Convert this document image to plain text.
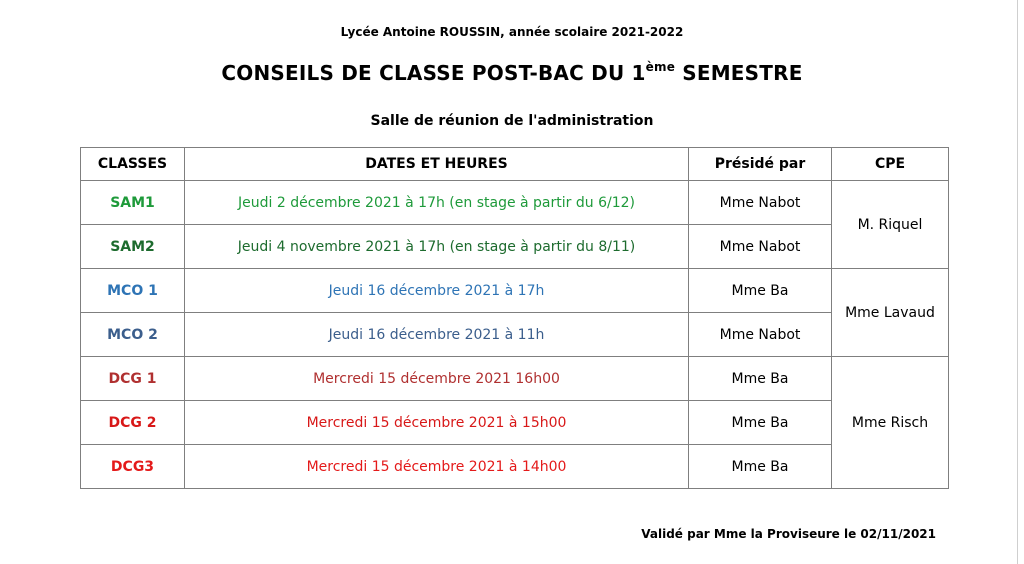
Lycée Antoine ROUSSIN, année scolaire 2021-2022
CONSEILS DE CLASSE POST-BAC DU 1ème SEMESTRE
Salle de réunion de l'administration
CLASSES	DATES ET HEURES	Présidé par	CPE
SAM1	Jeudi 2 décembre 2021 à 17h (en stage à partir du 6/12)	Mme Nabot	M. Riquel
SAM2	Jeudi 4 novembre 2021 à 17h (en stage à partir du 8/11)	Mme Nabot	
MCO 1	Jeudi 16 décembre 2021 à 17h	Mme Ba	Mme Lavaud
MCO 2	Jeudi 16 décembre 2021 à 11h	Mme Nabot	
DCG 1	Mercredi 15 décembre 2021 16h00	Mme Ba	Mme Risch
DCG 2	Mercredi 15 décembre 2021 à 15h00	Mme Ba	
DCG3	Mercredi 15 décembre 2021 à 14h00	Mme Ba	
Validé par Mme la Proviseure le 02/11/2021
